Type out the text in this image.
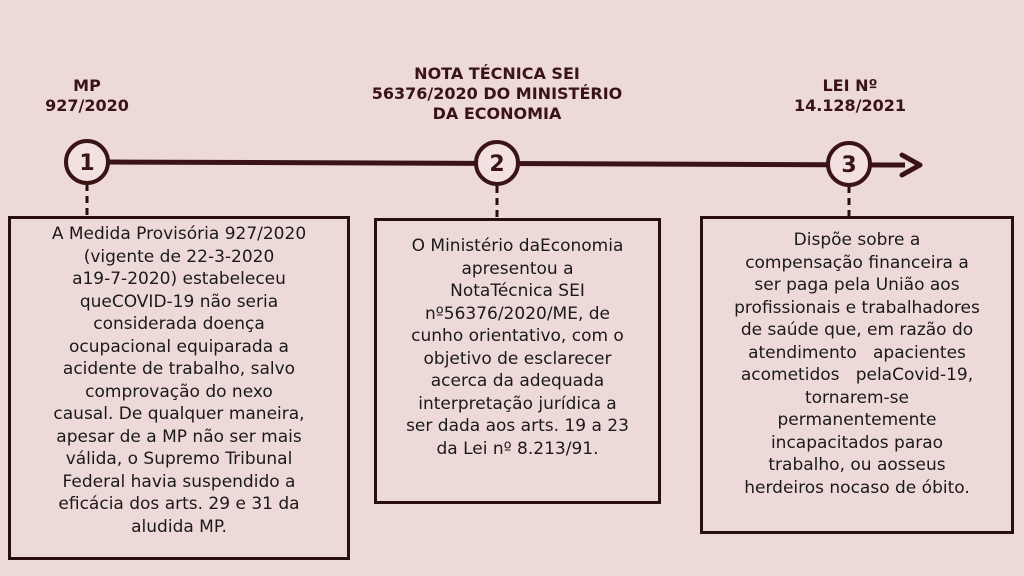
1	2	3
MP
927/2020
NOTA TÉCNICA SEI
56376/2020 DO MINISTÉRIO
DA ECONOMIA
LEI Nº
14.128/2021
A Medida Provisória 927/2020
(vigente de 22-3-2020
a19-7-2020) estabeleceu
queCOVID-19 não seria
considerada doença
ocupacional equiparada a
acidente de trabalho, salvo
comprovação do nexo
causal. De qualquer maneira,
apesar de a MP não ser mais
válida, o Supremo Tribunal
Federal havia suspendido a
eficácia dos arts. 29 e 31 da
aludida MP.
O Ministério daEconomia
apresentou a
NotaTécnica SEI
nº56376/2020/ME, de
cunho orientativo, com o
objetivo de esclarecer
acerca da adequada
interpretação jurídica a
ser dada aos arts. 19 a 23
da Lei nº 8.213/91.
Dispõe sobre a
compensação financeira a
ser paga pela União aos
profissionais e trabalhadores
de saúde que, em razão do
atendimento   apacientes
acometidos   pelaCovid-19,
tornarem-se
permanentemente
incapacitados parao
trabalho, ou aosseus
herdeiros nocaso de óbito.
